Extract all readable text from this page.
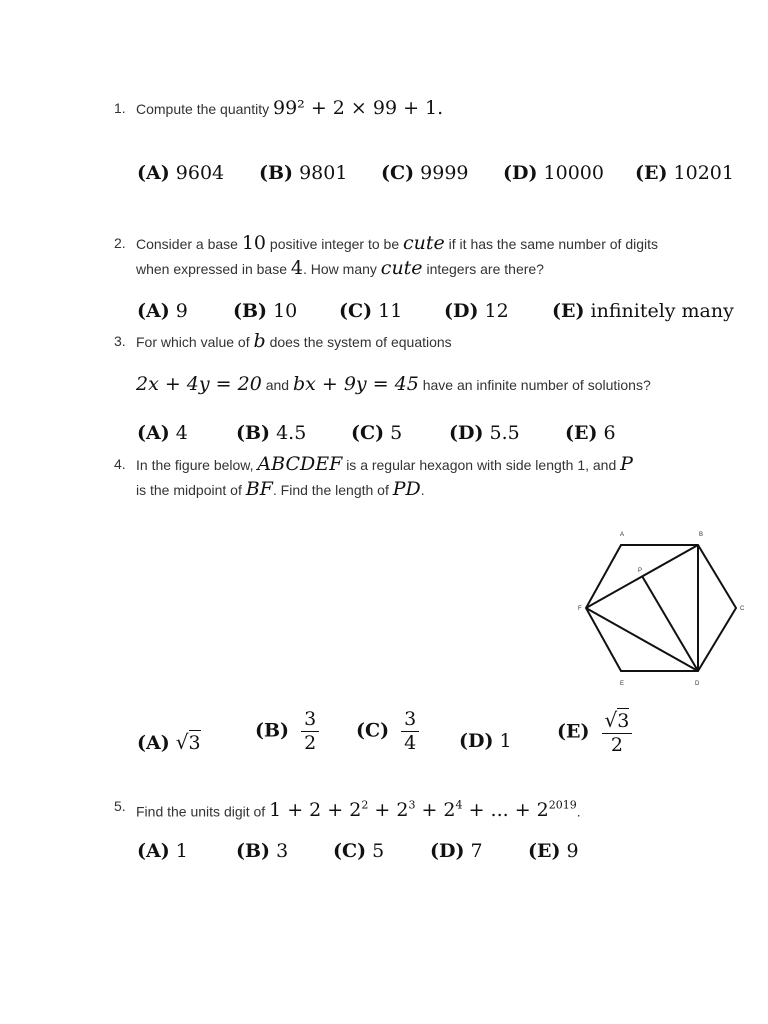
1. Compute the quantity 99² + 2 × 99 + 1.
(A) 9604 (B) 9801 (C) 9999 (D) 10000 (E) 10201
2. Consider a base 10 positive integer to be cute if it has the same number of digits
when expressed in base 4. How many cute integers are there?
(A) 9 (B) 10 (C) 11 (D) 12 (E) infinitely many
3. For which value of b does the system of equations
2x + 4y = 20 and bx + 9y = 45 have an infinite number of solutions?
(A) 4	(B) 4.5 (C) 5 (D) 5.5 (E) 6
4. In the figure below, ABCDEF is a regular hexagon with side length 1, and P
is the midpoint of BF. Find the length of PD.
A	B
C
D
E
F
P
(A) √3
$(B) \frac{3}{2} (C) \frac{3}{4} (D)$ 1 $(E) \frac{√3}{2}$
5. Find the units digit of $1 + 2 + 2^2 + 2^3 + 2^4$ + ... + $2^{2019}$.
(A) 1	(B) 3 (C) 5 (D) 7 (E) 9
